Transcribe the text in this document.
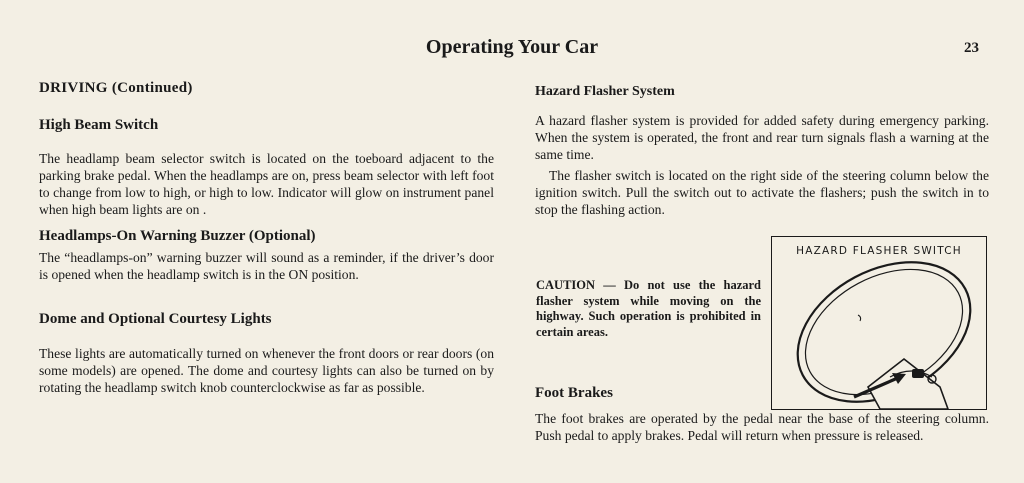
Operating Your Car	23
DRIVING (Continued)
High Beam Switch

The headlamp beam selector switch is located on the toeboard adjacent to the parking brake pedal. When the headlamps are on, press beam selector with left foot to change from low to high, or high to low. Indicator will glow on instrument panel when high beam lights are on .

Headlamps-On Warning Buzzer (Optional)

The “headlamps-on” warning buzzer will sound as a reminder, if the driver’s door is opened when the headlamp switch is in the ON position.

Dome and Optional Courtesy Lights

These lights are automatically turned on whenever the front doors or rear doors (on some models) are opened. The dome and courtesy lights can also be turned on by rotating the headlamp switch knob counterclockwise as far as possible.

Hazard Flasher System

A hazard flasher system is provided for added safety during emergency parking. When the system is operated, the front and rear turn signals flash a warning at the same time.

The flasher switch is located on the right side of the steering column below the ignition switch. Pull the switch out to activate the flashers; push the switch in to stop the flashing action.

CAUTION — Do not use the hazard flasher system while moving on the highway. Such operation is prohibited in certain areas.
HAZARD FLASHER SWITCH
Foot Brakes

The foot brakes are operated by the pedal near the base of the steering column. Push pedal to apply brakes. Pedal will return when pressure is released.
